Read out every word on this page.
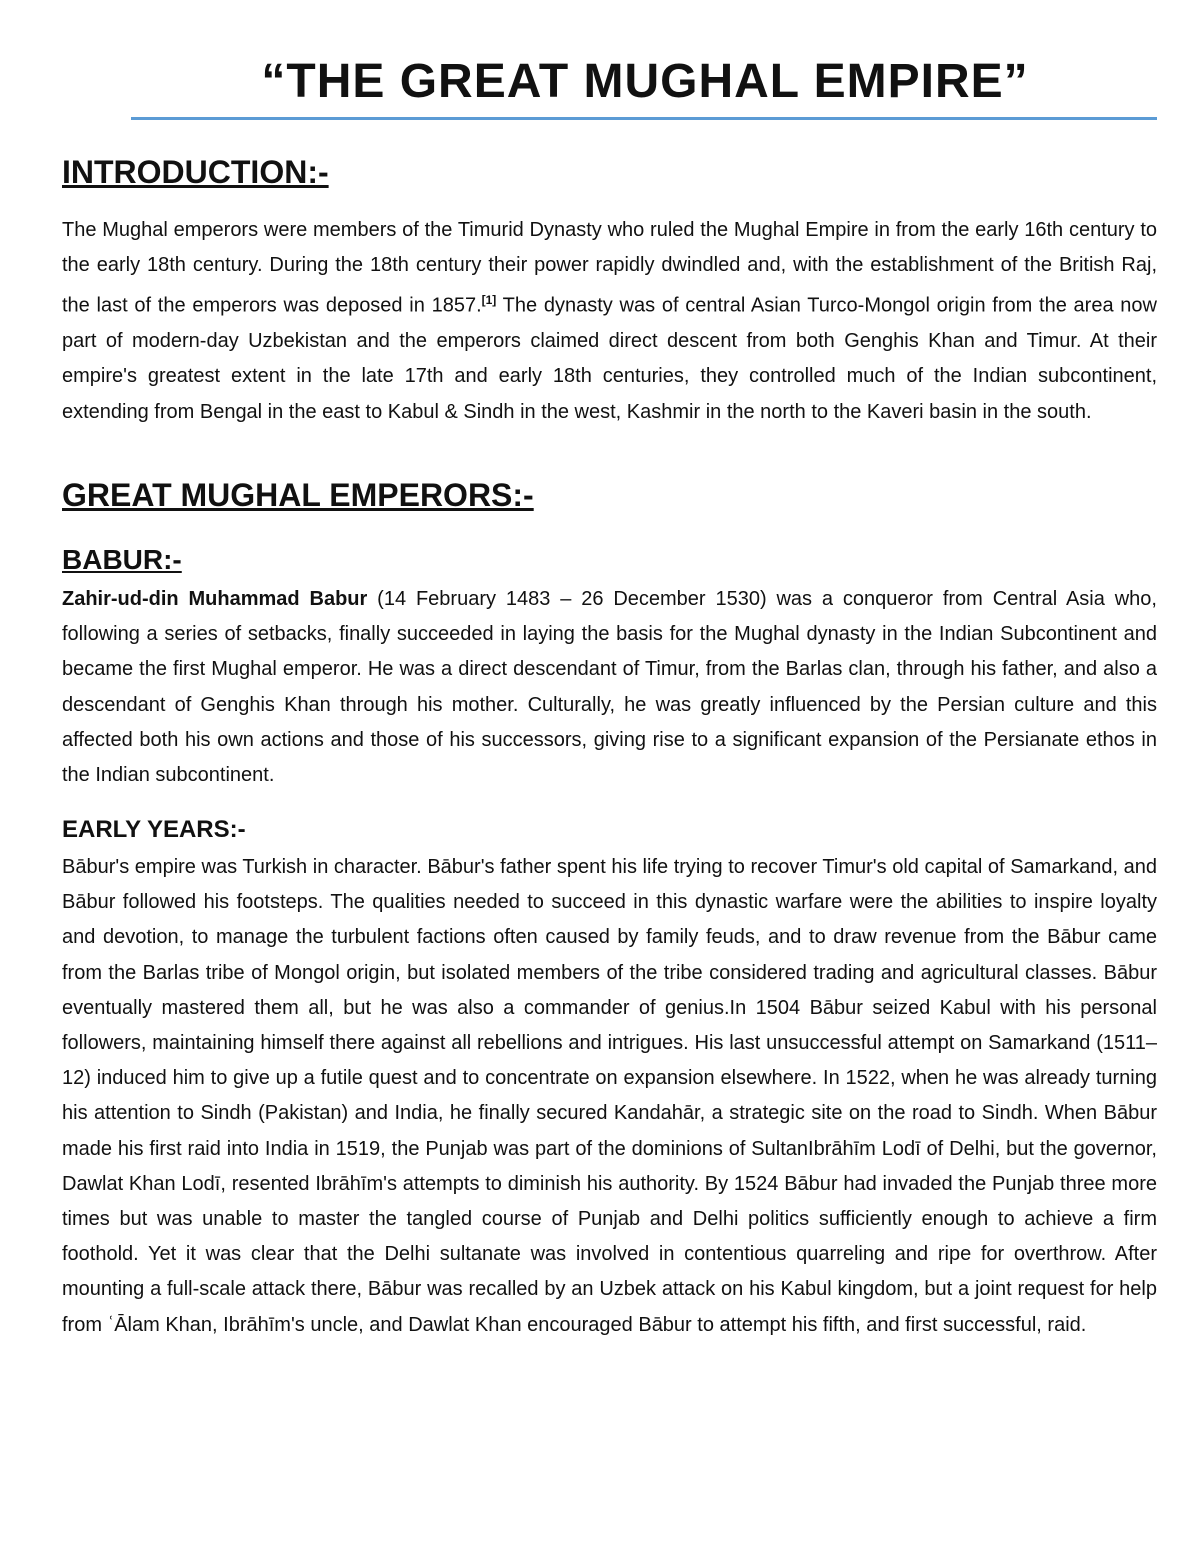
“THE GREAT MUGHAL EMPIRE”
INTRODUCTION:-

The Mughal emperors were members of the Timurid Dynasty who ruled the Mughal Empire in from the early 16th century to the early 18th century. During the 18th century their power rapidly dwindled and, with the establishment of the British Raj, the last of the emperors was deposed in 1857.[1] The dynasty was of central Asian Turco-Mongol origin from the area now part of modern-day Uzbekistan and the emperors claimed direct descent from both Genghis Khan and Timur. At their empire's greatest extent in the late 17th and early 18th centuries, they controlled much of the Indian subcontinent, extending from Bengal in the east to Kabul & Sindh in the west, Kashmir in the north to the Kaveri basin in the south.

GREAT MUGHAL EMPERORS:-
BABUR:-

Zahir-ud-din Muhammad Babur (14 February 1483 – 26 December 1530) was a conqueror from Central Asia who, following a series of setbacks, finally succeeded in laying the basis for the Mughal dynasty in the Indian Subcontinent and became the first Mughal emperor. He was a direct descendant of Timur, from the Barlas clan, through his father, and also a descendant of Genghis Khan through his mother. Culturally, he was greatly influenced by the Persian culture and this affected both his own actions and those of his successors, giving rise to a significant expansion of the Persianate ethos in the Indian subcontinent.

EARLY YEARS:-

Bābur's empire was Turkish in character. Bābur's father spent his life trying to recover Timur's old capital of Samarkand, and Bābur followed his footsteps. The qualities needed to succeed in this dynastic warfare were the abilities to inspire loyalty and devotion, to manage the turbulent factions often caused by family feuds, and to draw revenue from the Bābur came from the Barlas tribe of Mongol origin, but isolated members of the tribe considered trading and agricultural classes. Bābur eventually mastered them all, but he was also a commander of genius.In 1504 Bābur seized Kabul with his personal followers, maintaining himself there against all rebellions and intrigues. His last unsuccessful attempt on Samarkand (1511–12) induced him to give up a futile quest and to concentrate on expansion elsewhere. In 1522, when he was already turning his attention to Sindh (Pakistan) and India, he finally secured Kandahār, a strategic site on the road to Sindh. When Bābur made his first raid into India in 1519, the Punjab was part of the dominions of SultanIbrāhīm Lodī of Delhi, but the governor, Dawlat Khan Lodī, resented Ibrāhīm's attempts to diminish his authority. By 1524 Bābur had invaded the Punjab three more times but was unable to master the tangled course of Punjab and Delhi politics sufficiently enough to achieve a firm foothold. Yet it was clear that the Delhi sultanate was involved in contentious quarreling and ripe for overthrow. After mounting a full-scale attack there, Bābur was recalled by an Uzbek attack on his Kabul kingdom, but a joint request for help from ʿĀlam Khan, Ibrāhīm's uncle, and Dawlat Khan encouraged Bābur to attempt his fifth, and first successful, raid.
